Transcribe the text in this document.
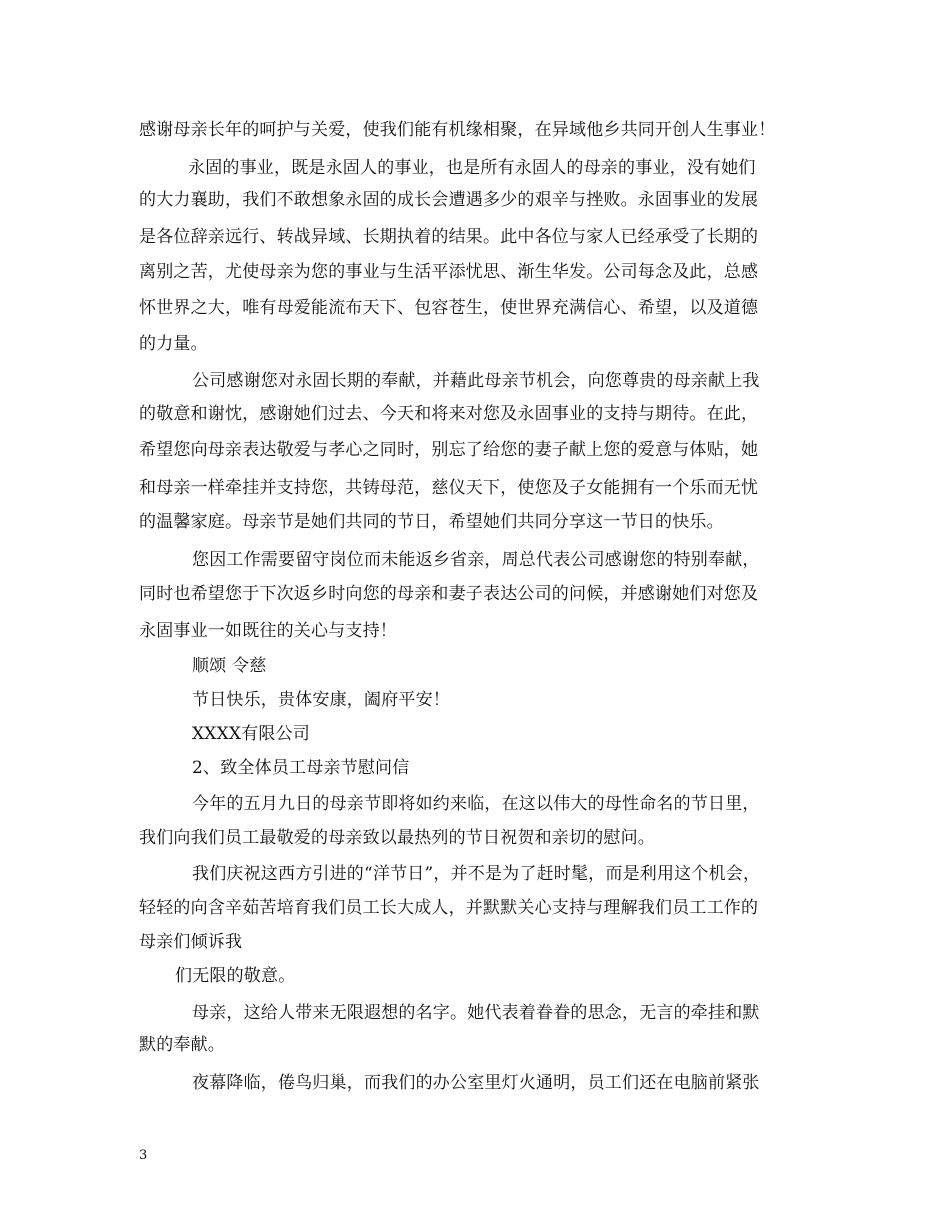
感谢母亲长年的呵护与关爱，使我们能有机缘相聚，在异域他乡共同开创人生事业！
永固的事业，既是永固人的事业，也是所有永固人的母亲的事业，没有她们
的大力襄助，我们不敢想象永固的成长会遭遇多少的艰辛与挫败。永固事业的发展
是各位辞亲远行、转战异域、长期执着的结果。此中各位与家人已经承受了长期的
离别之苦，尤使母亲为您的事业与生活平添忧思、渐生华发。公司每念及此，总感
怀世界之大，唯有母爱能流布天下、包容苍生，使世界充满信心、希望，以及道德
的力量。
公司感谢您对永固长期的奉献，并藉此母亲节机会，向您尊贵的母亲献上我
的敬意和谢忱，感谢她们过去、今天和将来对您及永固事业的支持与期待。在此，
希望您向母亲表达敬爱与孝心之同时，别忘了给您的妻子献上您的爱意与体贴，她
和母亲一样牵挂并支持您，共铸母范，慈仪天下，使您及子女能拥有一个乐而无忧
的温馨家庭。母亲节是她们共同的节日，希望她们共同分享这一节日的快乐。
您因工作需要留守岗位而未能返乡省亲，周总代表公司感谢您的特别奉献，
同时也希望您于下次返乡时向您的母亲和妻子表达公司的问候，并感谢她们对您及
永固事业一如既往的关心与支持！
顺颂 令慈
节日快乐，贵体安康，阖府平安！
XXXX有限公司
2、致全体员工母亲节慰问信
今年的五月九日的母亲节即将如约来临，在这以伟大的母性命名的节日里，
我们向我们员工最敬爱的母亲致以最热列的节日祝贺和亲切的慰问。
我们庆祝这西方引进的“洋节日”，并不是为了赶时髦，而是利用这个机会，
轻轻的向含辛茹苦培育我们员工长大成人，并默默关心支持与理解我们员工工作的
母亲们倾诉我
们无限的敬意。
母亲，这给人带来无限遐想的名字。她代表着眷眷的思念，无言的牵挂和默
默的奉献。
夜幕降临，倦鸟归巢，而我们的办公室里灯火通明，员工们还在电脑前紧张
3
